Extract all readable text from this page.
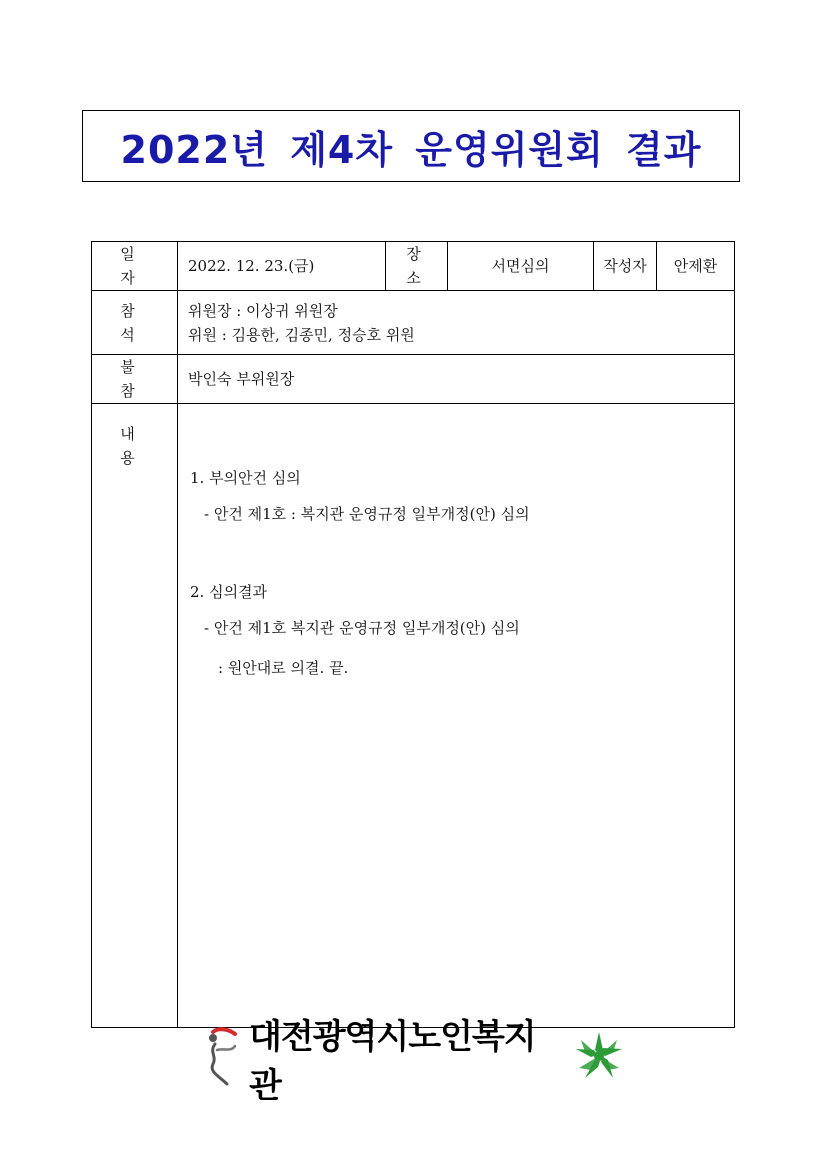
2022년 제4차 운영위원회 결과
일 자	2022. 12. 23.(금)	장 소	서면심의	작성자	안제환
참 석	위원장 : 이상귀 위원장
위원 : 김용한, 김종민, 정승호 위원				

불 참	박인숙 부위원장				
내 용	1. 부의안건 심의
- 안건 제1호 : 복지관 운영규정 일부개정(안) 심의
2. 심의결과
- 안건 제1호 복지관 운영규정 일부개정(안) 심의
: 원안대로 의결. 끝.				
대전광역시노인복지관
